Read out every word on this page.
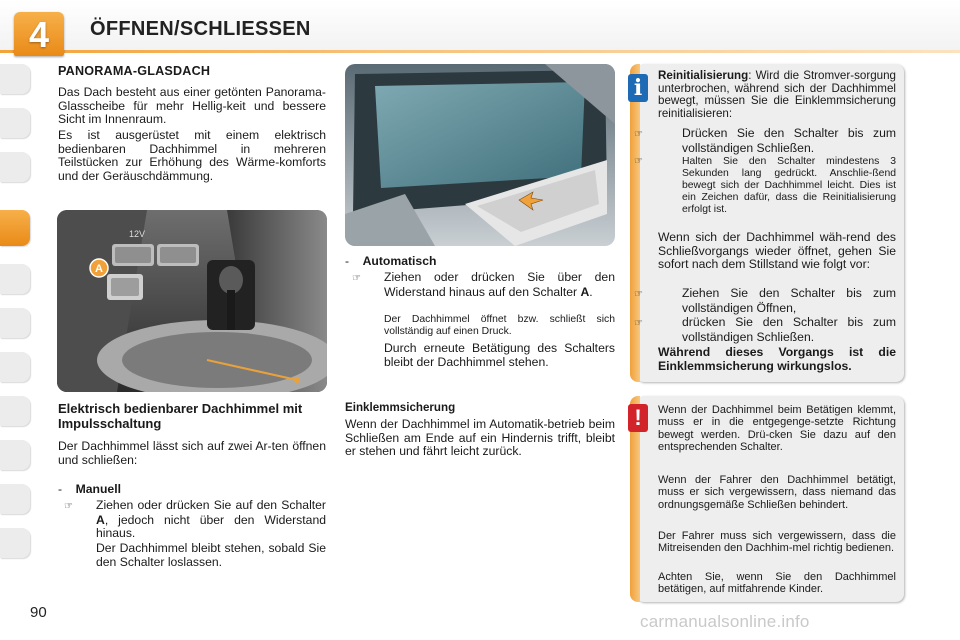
4	ÖFFNEN/SCHLIESSEN
PANORAMA-GLASDACH
Das Dach besteht aus einer getönten Panorama-Glasscheibe für mehr Hellig-keit und bessere Sicht im Innenraum.
Es ist ausgerüstet mit einem elektrisch bedienbaren Dachhimmel in mehreren Teilstücken zur Erhöhung des Wärme-komforts und der Geräuschdämmung.
A
12V
Elektrisch bedienbarer Dachhimmel mit Impulsschaltung
Der Dachhimmel lässt sich auf zwei Ar-ten öffnen und schließen:
- Manuell
☞ Ziehen oder drücken Sie auf den Schalter A, jedoch nicht über den Widerstand hinaus.
Der Dachhimmel bleibt stehen, sobald Sie den Schalter loslassen.
- Automatisch
☞ Ziehen oder drücken Sie über den Widerstand hinaus auf den Schalter A.
Der Dachhimmel öffnet bzw. schließt sich vollständig auf einen Druck.
Durch erneute Betätigung des Schalters bleibt der Dachhimmel stehen.
Einklemmsicherung
Wenn der Dachhimmel im Automatik-betrieb beim Schließen am Ende auf ein Hindernis trifft, bleibt er stehen und fährt leicht zurück.
i	Reinitialisierung: Wird die Stromver-sorgung unterbrochen, während sich der Dachhimmel bewegt, müssen Sie die Einklemmsicherung reinitialisieren:
☞	Drücken Sie den Schalter bis zum vollständigen Schließen.
☞	Halten Sie den Schalter mindestens 3 Sekunden lang gedrückt. Anschlie-ßend bewegt sich der Dachhimmel leicht. Dies ist ein Zeichen dafür, dass die Reinitialisierung erfolgt ist.
Wenn sich der Dachhimmel wäh-rend des Schließvorgangs wieder öffnet, gehen Sie sofort nach dem Stillstand wie folgt vor:
☞	Ziehen Sie den Schalter bis zum vollständigen Öffnen,
☞	drücken Sie den Schalter bis zum vollständigen Schließen.
Während dieses Vorgangs ist die Einklemmsicherung wirkungslos.
!	Wenn der Dachhimmel beim Betätigen klemmt, muss er in die entgegenge-setzte Richtung bewegt werden. Drü-cken Sie dazu auf den entsprechenden Schalter.
Wenn der Fahrer den Dachhimmel betätigt, muss er sich vergewissern, dass niemand das ordnungsgemäße Schließen behindert.
Der Fahrer muss sich vergewissern, dass die Mitreisenden den Dachhim-mel richtig bedienen.
Achten Sie, wenn Sie den Dachhimmel betätigen, auf mitfahrende Kinder.
90	carmanualsonline.info
